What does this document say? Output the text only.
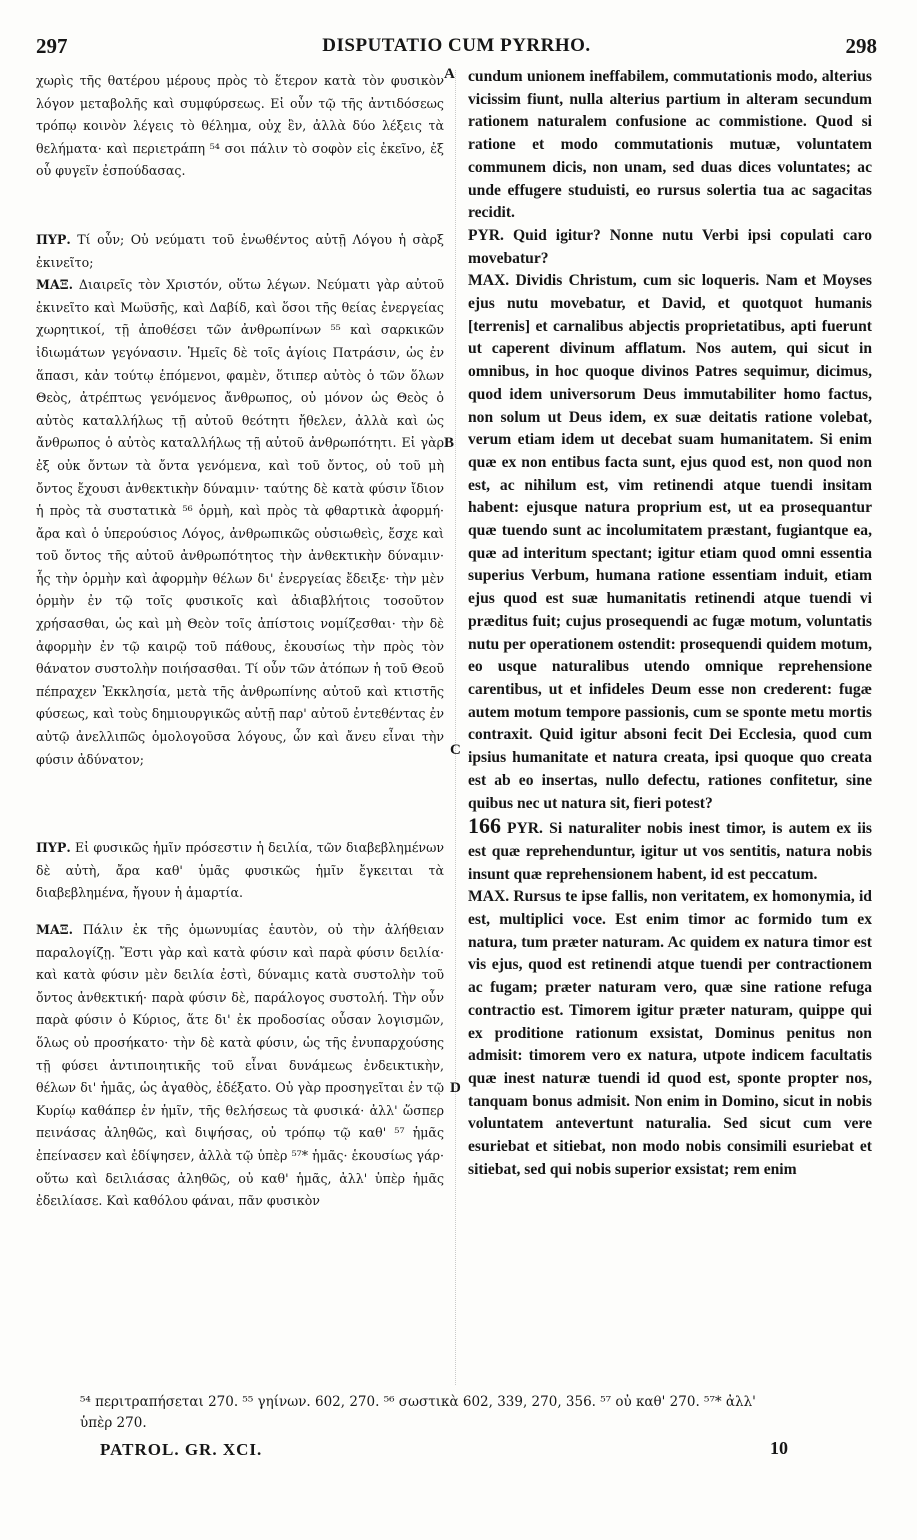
297	DISPUTATIO CUM PYRRHO.	298
A
B
C
D

χωρὶς τῆς θατέρου μέρους πρὸς τὸ ἕτερον κατὰ τὸν φυσικὸν λόγον μεταβολῆς καὶ συμφύρσεως. Εἰ οὖν τῷ τῆς ἀντιδόσεως τρόπῳ κοινὸν λέγεις τὸ θέλημα, οὐχ ἓν, ἀλλὰ δύο λέξεις τὰ θελήματα· καὶ περιετράπη ⁵⁴ σοι πάλιν τὸ σοφὸν εἰς ἐκεῖνο, ἐξ οὗ φυγεῖν ἐσπούδασας.

ΠΥΡ. Τί οὖν; Οὐ νεύματι τοῦ ἑνωθέντος αὐτῇ Λόγου ἡ σὰρξ ἐκινεῖτο;

ΜΑΞ. Διαιρεῖς τὸν Χριστόν, οὕτω λέγων. Νεύματι γὰρ αὐτοῦ ἐκινεῖτο καὶ Μωϋσῆς, καὶ Δαβίδ, καὶ ὅσοι τῆς θείας ἐνεργείας χωρητικοί, τῇ ἀποθέσει τῶν ἀνθρωπίνων ⁵⁵ καὶ σαρκικῶν ἰδιωμάτων γεγόνασιν. Ἡμεῖς δὲ τοῖς ἁγίοις Πατράσιν, ὡς ἐν ἅπασι, κἀν τούτῳ ἑπόμενοι, φαμὲν, ὅτιπερ αὐτὸς ὁ τῶν ὅλων Θεὸς, ἀτρέπτως γενόμενος ἄνθρωπος, οὐ μόνον ὡς Θεὸς ὁ αὐτὸς καταλλήλως τῇ αὐτοῦ θεότητι ἤθελεν, ἀλλὰ καὶ ὡς ἄνθρωπος ὁ αὐτὸς καταλλήλως τῇ αὐτοῦ ἀνθρωπότητι. Εἰ γὰρ ἐξ οὐκ ὄντων τὰ ὄντα γενόμενα, καὶ τοῦ ὄντος, οὐ τοῦ μὴ ὄντος ἔχουσι ἀνθεκτικὴν δύναμιν· ταύτης δὲ κατὰ φύσιν ἴδιον ἡ πρὸς τὰ συστατικὰ ⁵⁶ ὁρμὴ, καὶ πρὸς τὰ φθαρτικὰ ἀφορμή· ἄρα καὶ ὁ ὑπερούσιος Λόγος, ἀνθρωπικῶς οὐσιωθεὶς, ἔσχε καὶ τοῦ ὄντος τῆς αὐτοῦ ἀνθρωπότητος τὴν ἀνθεκτικὴν δύναμιν· ἧς τὴν ὁρμὴν καὶ ἀφορμὴν θέλων δι' ἐνεργείας ἔδειξε· τὴν μὲν ὁρμὴν ἐν τῷ τοῖς φυσικοῖς καὶ ἀδιαβλήτοις τοσοῦτον χρήσασθαι, ὡς καὶ μὴ Θεὸν τοῖς ἀπίστοις νομίζεσθαι· τὴν δὲ ἀφορμὴν ἐν τῷ καιρῷ τοῦ πάθους, ἑκουσίως τὴν πρὸς τὸν θάνατον συστολὴν ποιήσασθαι. Τί οὖν τῶν ἀτόπων ἡ τοῦ Θεοῦ πέπραχεν Ἐκκλησία, μετὰ τῆς ἀνθρωπίνης αὐτοῦ καὶ κτιστῆς φύσεως, καὶ τοὺς δημιουργικῶς αὐτῇ παρ' αὐτοῦ ἐντεθέντας ἐν αὐτῷ ἀνελλιπῶς ὁμολογοῦσα λόγους, ὧν καὶ ἄνευ εἶναι τὴν φύσιν ἀδύνατον;

ΠΥΡ. Εἰ φυσικῶς ἡμῖν πρόσεστιν ἡ δειλία, τῶν διαβεβλημένων δὲ αὐτὴ, ἄρα καθ' ὑμᾶς φυσικῶς ἡμῖν ἔγκειται τὰ διαβεβλημένα, ἤγουν ἡ ἁμαρτία.

ΜΑΞ. Πάλιν ἐκ τῆς ὁμωνυμίας ἑαυτὸν, οὐ τὴν ἀλήθειαν παραλογίζῃ. Ἔστι γὰρ καὶ κατὰ φύσιν καὶ παρὰ φύσιν δειλία· καὶ κατὰ φύσιν μὲν δειλία ἐστὶ, δύναμις κατὰ συστολὴν τοῦ ὄντος ἀνθεκτική· παρὰ φύσιν δὲ, παράλογος συστολή. Τὴν οὖν παρὰ φύσιν ὁ Κύριος, ἅτε δι' ἐκ προδοσίας οὖσαν λογισμῶν, ὅλως οὐ προσήκατο· τὴν δὲ κατὰ φύσιν, ὡς τῆς ἐνυπαρχούσης τῇ φύσει ἀντιποιητικῆς τοῦ εἶναι δυνάμεως ἐνδεικτικὴν, θέλων δι' ἡμᾶς, ὡς ἀγαθὸς, ἐδέξατο. Οὐ γὰρ προσηγεῖται ἐν τῷ Κυρίῳ καθάπερ ἐν ἡμῖν, τῆς θελήσεως τὰ φυσικά· ἀλλ' ὥσπερ πεινάσας ἀληθῶς, καὶ διψήσας, οὐ τρόπῳ τῷ καθ' ⁵⁷ ἡμᾶς ἐπείνασεν καὶ ἐδίψησεν, ἀλλὰ τῷ ὑπὲρ ⁵⁷* ἡμᾶς· ἑκουσίως γάρ· οὕτω καὶ δειλιάσας ἀληθῶς, οὐ καθ' ἡμᾶς, ἀλλ' ὑπὲρ ἡμᾶς ἐδειλίασε. Καὶ καθόλου φάναι, πᾶν φυσικὸν

cundum unionem ineffabilem, commutationis modo, alterius vicissim fiunt, nulla alterius partium in alteram secundum rationem naturalem confusione ac commistione. Quod si ratione et modo commutationis mutuæ, voluntatem communem dicis, non unam, sed duas dices voluntates; ac unde effugere studuisti, eo rursus solertia tua ac sagacitas recidit.

PYR. Quid igitur? Nonne nutu Verbi ipsi copulati caro movebatur?

MAX. Dividis Christum, cum sic loqueris. Nam et Moyses ejus nutu movebatur, et David, et quotquot humanis [terrenis] et carnalibus abjectis proprietatibus, apti fuerunt ut caperent divinum afflatum. Nos autem, qui sicut in omnibus, in hoc quoque divinos Patres sequimur, dicimus, quod idem universorum Deus immutabiliter homo factus, non solum ut Deus idem, ex suæ deitatis ratione volebat, verum etiam idem ut decebat suam humanitatem. Si enim quæ ex non entibus facta sunt, ejus quod est, non quod non est, ac nihilum est, vim retinendi atque tuendi insitam habent: ejusque natura proprium est, ut ea prosequantur quæ tuendo sunt ac incolumitatem præstant, fugiantque ea, quæ ad interitum spectant; igitur etiam quod omni essentia superius Verbum, humana ratione essentiam induit, etiam ejus quod est suæ humanitatis retinendi atque tuendi vi præditus fuit; cujus prosequendi ac fugæ motum, voluntatis nutu per operationem ostendit: prosequendi quidem motum, eo usque naturalibus utendo omnique reprehensione carentibus, ut et infideles Deum esse non crederent: fugæ autem motum tempore passionis, cum se sponte metu mortis contraxit. Quid igitur absoni fecit Dei Ecclesia, quod cum ipsius humanitate et natura creata, ipsi quoque quo creata est ab eo insertas, nullo defectu, rationes confitetur, sine quibus nec ut natura sit, fieri potest?

166 PYR. Si naturaliter nobis inest timor, is autem ex iis est quæ reprehenduntur, igitur ut vos sentitis, natura nobis insunt quæ reprehensionem habent, id est peccatum.

MAX. Rursus te ipse fallis, non veritatem, ex homonymia, id est, multiplici voce. Est enim timor ac formido tum ex natura, tum præter naturam. Ac quidem ex natura timor est vis ejus, quod est retinendi atque tuendi per contractionem ac fugam; præter naturam vero, quæ sine ratione refuga contractio est. Timorem igitur præter naturam, quippe qui ex proditione rationum exsistat, Dominus penitus non admisit: timorem vero ex natura, utpote indicem facultatis quæ inest naturæ tuendi id quod est, sponte propter nos, tanquam bonus admisit. Non enim in Domino, sicut in nobis voluntatem antevertunt naturalia. Sed sicut cum vere esuriebat et sitiebat, non modo nobis consimili esuriebat et sitiebat, sed qui nobis superior exsistat; rem enim

⁵⁴ περιτραπήσεται 270. ⁵⁵ γηίνων. 602, 270. ⁵⁶ σωστικὰ 602, 339, 270, 356. ⁵⁷ οὐ καθ' 270. ⁵⁷* ἀλλ'
ὑπὲρ 270.
PATROL. GR. XCI.	10
